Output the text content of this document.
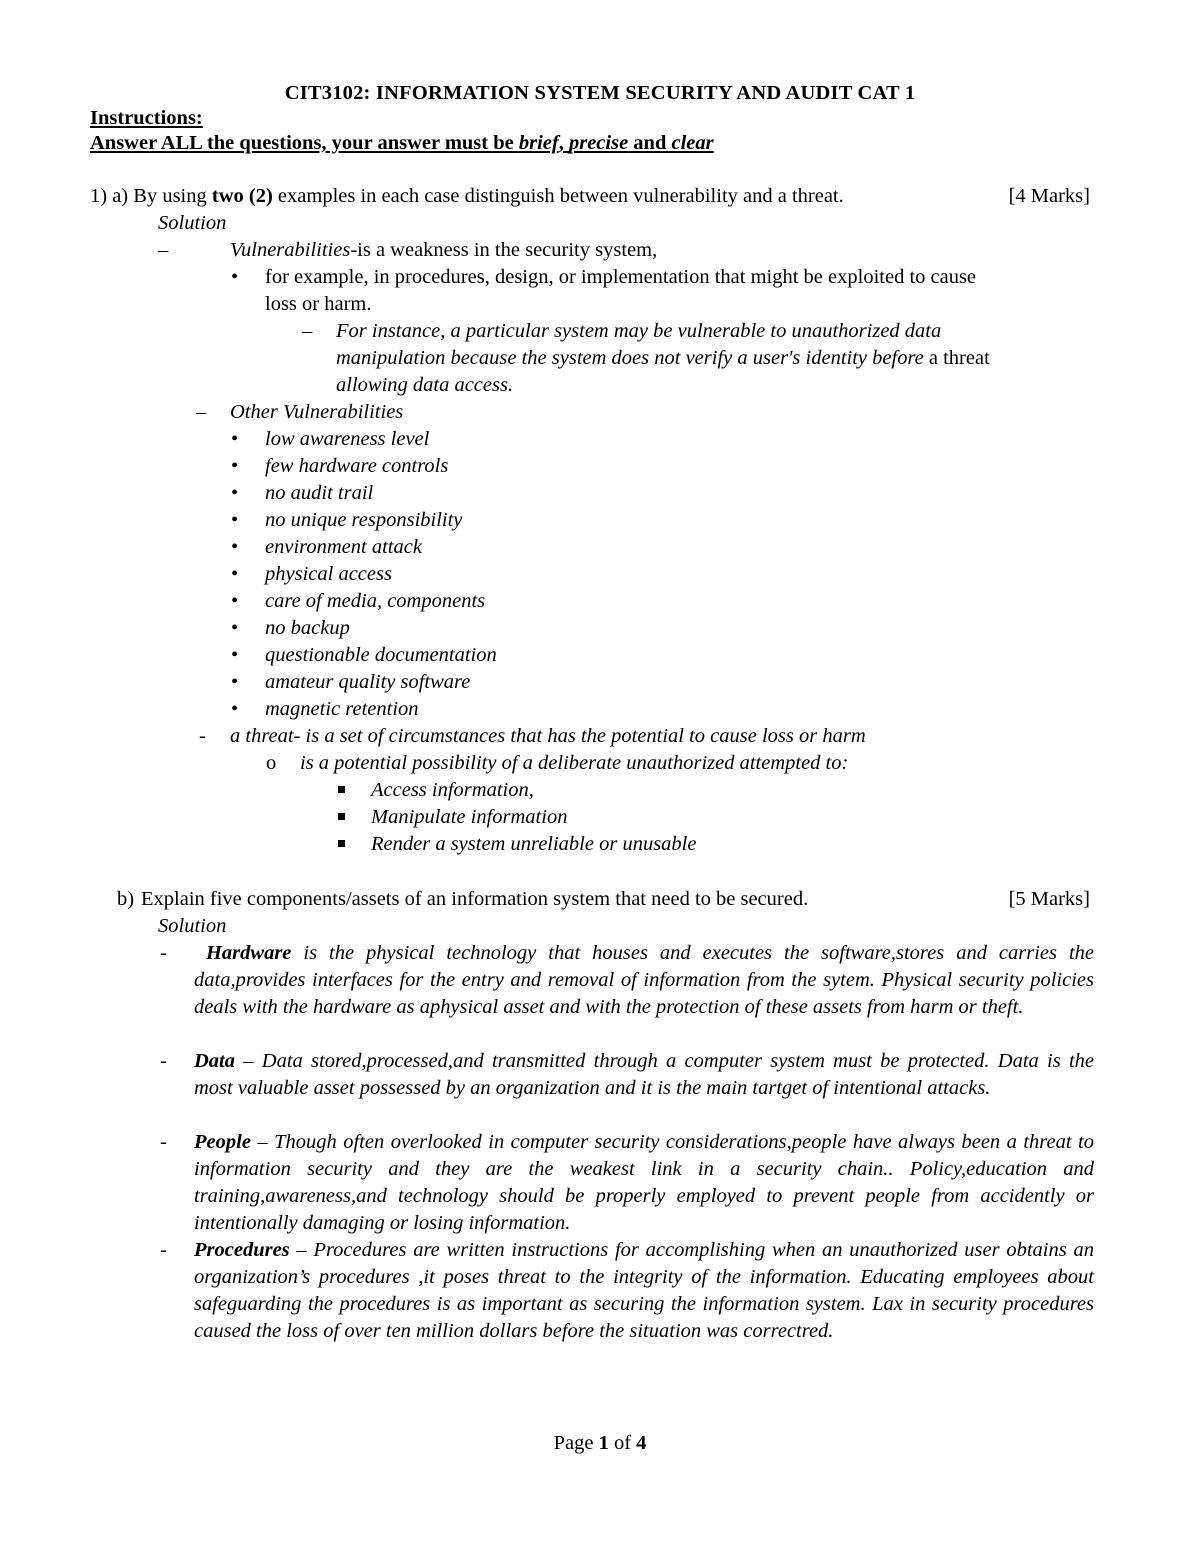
CIT3102: INFORMATION SYSTEM SECURITY AND AUDIT CAT 1
Instructions:
Answer ALL the questions, your answer must be brief, precise and clear
1) a) By using two (2) examples in each case distinguish between vulnerability and a threat.	[4 Marks]
Solution
–	Vulnerabilities-is a weakness in the security system,
• for example, in procedures, design, or implementation that might be exploited to cause
loss or harm.
– For instance, a particular system may be vulnerable to unauthorized data
manipulation because the system does not verify a user's identity before a threat
allowing data access.
– Other Vulnerabilities
• low awareness level
• few hardware controls
• no audit trail
• no unique responsibility
• environment attack
• physical access
• care of media, components
• no backup
• questionable documentation
• amateur quality software
• magnetic retention
- a threat- is a set of circumstances that has the potential to cause loss or harm
o is a potential possibility of a deliberate unauthorized attempted to:
Access information,
Manipulate information
Render a system unreliable or unusable
b) Explain five components/assets of an information system that need to be secured.	[5 Marks]
Solution
-	Hardware is the physical technology that houses and executes the software,stores and carries the data,provides interfaces for the entry and removal of information from the sytem. Physical security policies deals with the hardware as aphysical asset and with the protection of these assets from harm or theft.
- Data – Data stored,processed,and transmitted through a computer system must be protected. Data is the most valuable asset possessed by an organization and it is the main tartget of intentional attacks.
- People – Though often overlooked in computer security considerations,people have always been a threat to information security and they are the weakest link in a security chain.. Policy,education and training,awareness,and technology should be properly employed to prevent people from accidently or intentionally damaging or losing information.
- Procedures – Procedures are written instructions for accomplishing when an unauthorized user obtains an organization’s procedures ,it poses threat to the integrity of the information. Educating employees about safeguarding the procedures is as important as securing the information system. Lax in security procedures caused the loss of over ten million dollars before the situation was correctred.
Page 1 of 4
